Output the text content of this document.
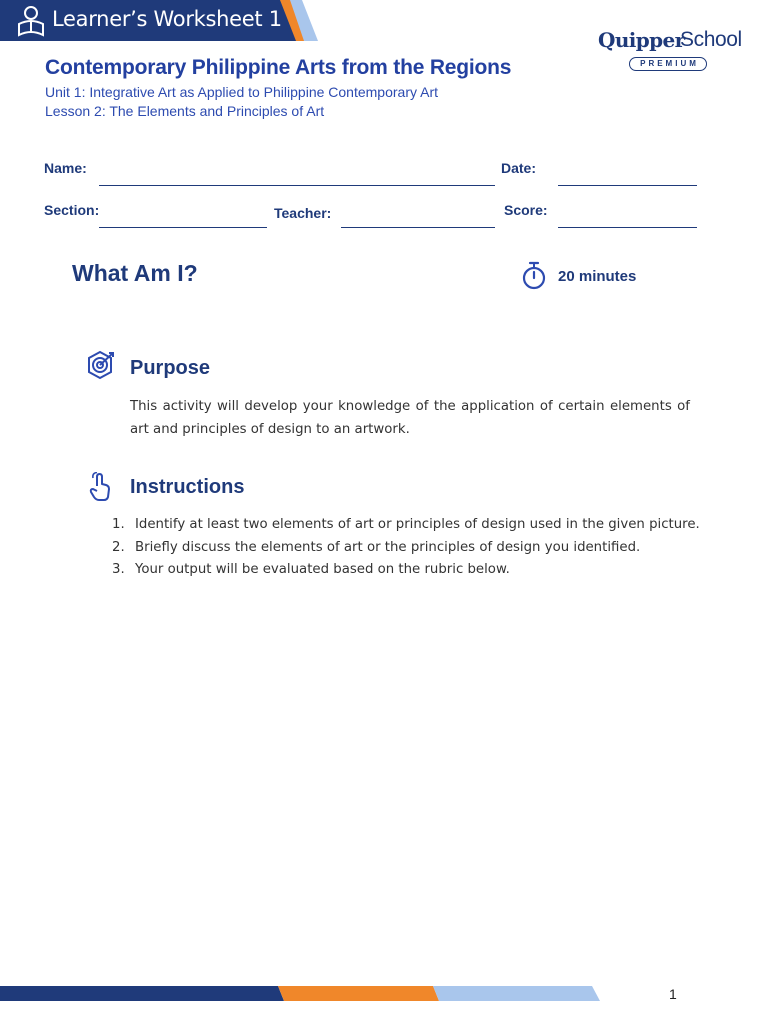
Learner’s Worksheet 1
Quipper
School
PREMIUM
Contemporary Philippine Arts from the Regions
Unit 1: Integrative Art as Applied to Philippine Contemporary Art
Lesson 2: The Elements and Principles of Art
Name:	Date:
Section:	Teacher:	Score:
What Am I?	20 minutes
Purpose

This activity will develop your knowledge of the application of certain elements of art and principles of design to an artwork.

Instructions
1. Identify at least two elements of art or principles of design used in the given picture.
2. Briefly discuss the elements of art or the principles of design you identified.
3. Your output will be evaluated based on the rubric below.
1
